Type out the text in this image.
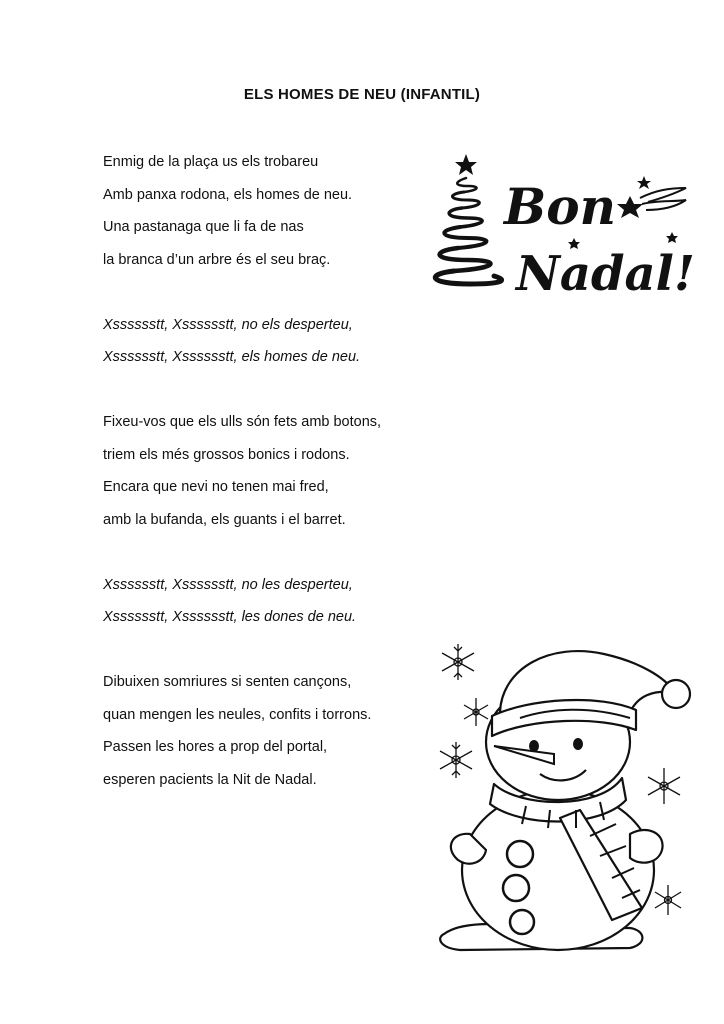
ELS HOMES DE NEU (INFANTIL)
Enmig de la plaça us els trobareu
Amb panxa rodona, els homes de neu.
Una pastanaga que li fa de nas
la branca d’un arbre és el seu braç.
Xsssssstt, Xsssssstt, no els desperteu,
Xsssssstt, Xsssssstt, els homes de neu.
Fixeu-vos que els ulls són fets amb botons,
triem els més grossos bonics i rodons.
Encara que nevi no tenen mai fred,
amb la bufanda, els guants i el barret.
Xsssssstt, Xsssssstt, no les desperteu,
Xsssssstt, Xsssssstt, les dones de neu.
Dibuixen somriures si senten cançons,
quan mengen les neules, confits i torrons.
Passen les hores a prop del portal,
esperen pacients la Nit de Nadal.
Bon
Nadal!
